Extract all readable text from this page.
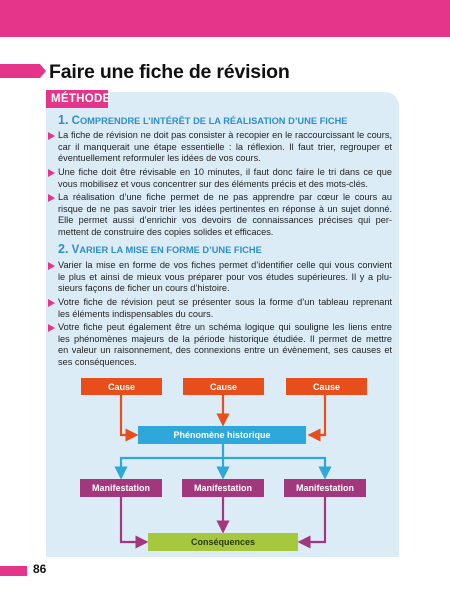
Faire une fiche de révision
MÉTHODE
1. COMPRENDRE L’INTÉRÊT DE LA RÉALISATION D’UNE FICHE
La fiche de révision ne doit pas consister à recopier en le raccourcissant le cours,
car il manquerait une étape essentielle : la réflexion. Il faut trier, regrouper et
éventuellement reformuler les idées de vos cours.
Une fiche doit être révisable en 10 minutes, il faut donc faire le tri dans ce que
vous mobilisez et vous concentrer sur des éléments précis et des mots-clés.
La réalisation d’une fiche permet de ne pas apprendre par cœur le cours au
risque de ne pas savoir trier les idées pertinentes en réponse à un sujet donné.
Elle permet aussi d’enrichir vos devoirs de connaissances précises qui per-
mettent de construire des copies solides et efficaces.
2. VARIER LA MISE EN FORME D’UNE FICHE
Varier la mise en forme de vos fiches permet d’identifier celle qui vous convient
le plus et ainsi de mieux vous préparer pour vos études supérieures. Il y a plu-
sieurs façons de ficher un cours d’histoire.
Votre fiche de révision peut se présenter sous la forme d’un tableau reprenant
les éléments indispensables du cours.
Votre fiche peut également être un schéma logique qui souligne les liens entre
les phénomènes majeurs de la période historique étudiée. Il permet de mettre
en valeur un raisonnement, des connexions entre un évènement, ses causes et
ses conséquences.
Cause	Cause	Cause
Phénomène historique
Manifestation	Manifestation	Manifestation
Conséquences
86
